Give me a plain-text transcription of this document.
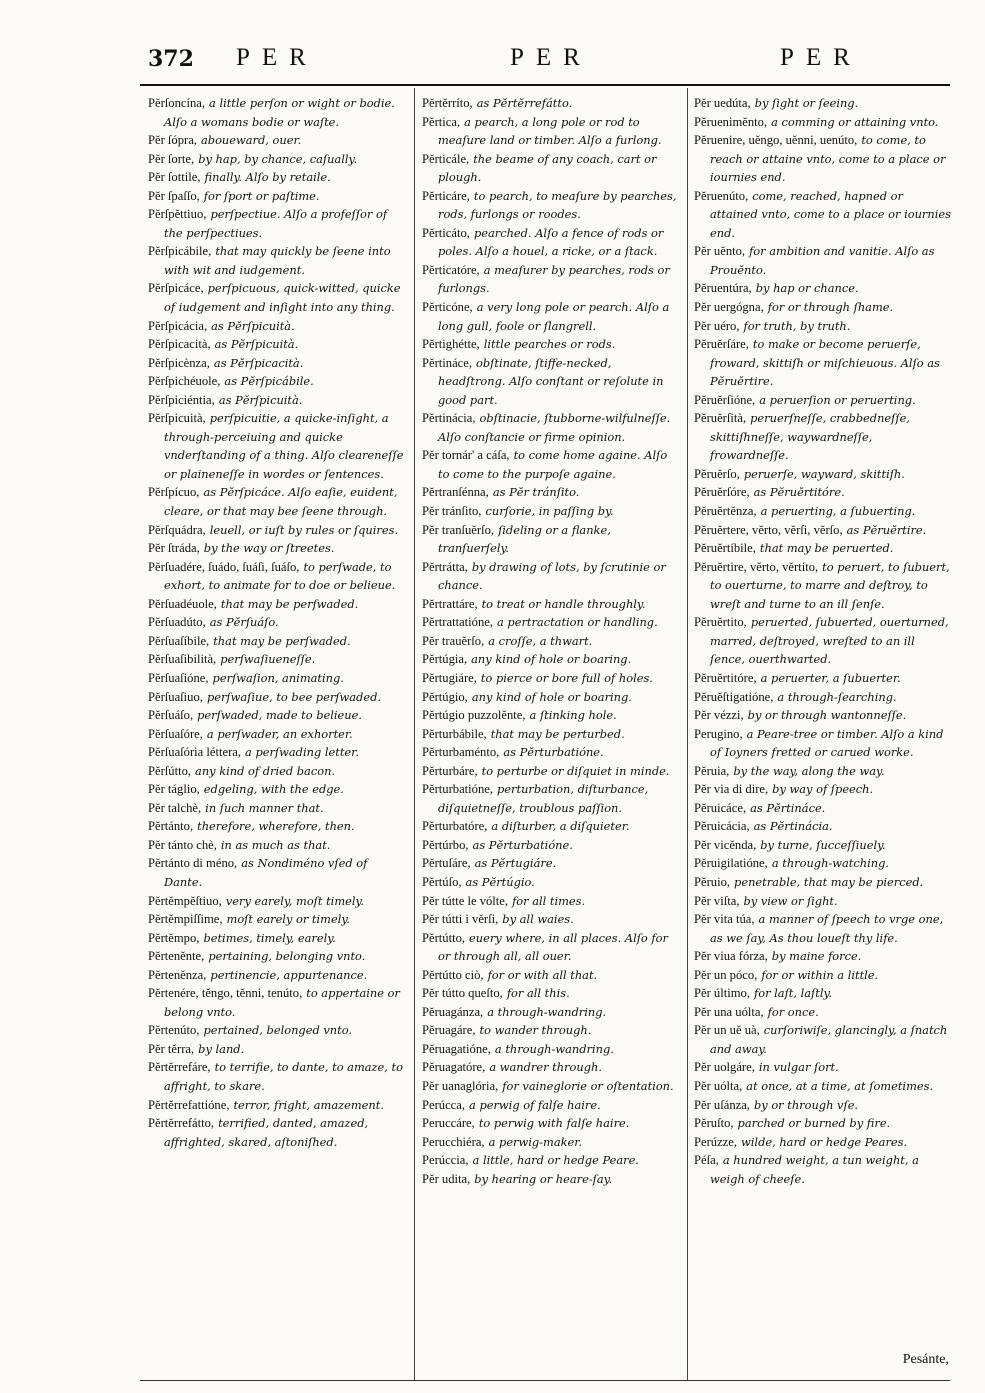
372 PER	PER	PER

Pĕrſoncína, a little perſon or wight or bodie. Alſo a womans bodie or waſte.

Pĕr ſópra, aboueward, ouer.

Pĕr ſorte, by hap, by chance, caſually.

Pĕr ſottile, finally. Alſo by retaile.

Pĕr ſpaſſo, for ſport or paſtime.

Pĕrſpĕttiuo, perſpectiue. Alſo a profeſſor of the perſpectiues.

Pĕrſpicábile, that may quickly be ſeene into with wit and iudgement.

Pĕrſpicáce, perſpicuous, quick-witted, quicke of iudgement and inſight into any thing.

Pĕrſpicácia, as Pĕrſpicuità.

Pĕrſpicacità, as Pĕrſpicuità.

Pĕrſpicènza, as Pĕrſpicacità.

Pĕrſpichéuole, as Pĕrſpicábile.

Pĕrſpiciéntia, as Pĕrſpicuità.

Pĕrſpicuità, perſpicuitie, a quicke-inſight, a through-perceiuing and quicke vnderſtanding of a thing. Alſo cleareneſſe or plaineneſſe in wordes or ſentences.

Pĕrſpícuo, as Pĕrſpicáce. Alſo eaſie, euident, cleare, or that may bee ſeene through.

Pĕrſquádra, leuell, or iuſt by rules or ſquires.

Pĕr ſtráda, by the way or ſtreetes.

Pĕrſuadére, ſuádo, ſuáſi, ſuáſo, to perſwade, to exhort, to animate for to doe or belieue.

Pĕrſuadéuole, that may be perſwaded.

Pĕrſuadúto, as Pĕrſuáſo.

Pĕrſuaſíbile, that may be perſwaded.

Pĕrſuaſibilità, perſwaſiueneſſe.

Pĕrſuaſióne, perſwaſion, animating.

Pĕrſuaſiuo, perſwaſiue, to bee perſwaded.

Pĕrſuáſo, perſwaded, made to belieue.

Pĕrſuaſóre, a perſwader, an exhorter.

Pĕrſuaſória léttera, a perſwading letter.

Pĕrſútto, any kind of dried bacon.

Pĕr táglio, edgeling, with the edge.

Pĕr talchè, in ſuch manner that.

Pĕrtánto, therefore, wherefore, then.

Pĕr tánto chè, in as much as that.

Pĕrtánto di méno, as Nondiméno vſed of Dante.

Pĕrtĕmpĕſtiuo, very earely, moſt timely.

Pĕrtĕmpiſſime, moſt earely or timely.

Pĕrtĕmpo, betimes, timely, earely.

Pĕrtenĕnte, pertaining, belonging vnto.

Pĕrtenĕnza, pertinencie, appurtenance.

Pĕrtenére, tĕngo, tĕnni, tenúto, to appertaine or belong vnto.

Pĕrtenúto, pertained, belonged vnto.

Pĕr tĕrra, by land.

Pĕrtĕrrefáre, to terrifie, to dante, to amaze, to affright, to skare.

Pĕrtĕrrefattióne, terror, fright, amazement.

Pĕrtĕrrefátto, terrified, danted, amazed, affrighted, skared, aſtoniſhed.

Pĕrtĕrríto, as Pĕrtĕrrefátto.

Pĕrtica, a pearch, a long pole or rod to meaſure land or timber. Alſo a furlong.

Pĕrticále, the beame of any coach, cart or plough.

Pĕrticáre, to pearch, to meaſure by pearches, rods, furlongs or roodes.

Pĕrticáto, pearched. Alſo a fence of rods or poles. Alſo a houel, a ricke, or a ſtack.

Pĕrticatóre, a meaſurer by pearches, rods or furlongs.

Pĕrticóne, a very long pole or pearch. Alſo a long gull, foole or ſlangrell.

Pĕrtighétte, little pearches or rods.

Pĕrtináce, obſtinate, ſtiffe-necked, headſtrong. Alſo conſtant or reſolute in good part.

Pĕrtinácia, obſtinacie, ſtubborne-wilfulneſſe. Alſo conſtancie or firme opinion.

Pĕr tornár' a cáſa, to come home againe. Alſo to come to the purpoſe againe.

Pĕrtranſénna, as Pĕr tránſito.

Pĕr tránſito, curſorie, in paſſing by.

Pĕr tranſuĕrſo, ſideling or a flanke, tranſuerſely.

Pĕrtrátta, by drawing of lots, by ſcrutinie or chance.

Pĕrtrattáre, to treat or handle throughly.

Pĕrtrattatióne, a pertractation or handling.

Pĕr trauĕrſo, a croſſe, a thwart.

Pĕrtúgia, any kind of hole or boaring.

Pĕrtugiáre, to pierce or bore full of holes.

Pĕrtúgio, any kind of hole or boaring.

Pĕrtúgio puzzolĕnte, a ſtinking hole.

Pĕrturbábile, that may be perturbed.

Pĕrturbaménto, as Pĕrturbatióne.

Pĕrturbáre, to perturbe or diſquiet in minde.

Pĕrturbatióne, perturbation, diſturbance, diſquietneſſe, troublous paſſion.

Pĕrturbatóre, a diſturber, a diſquieter.

Pĕrtúrbo, as Pĕrturbatióne.

Pĕrtuſáre, as Pĕrtugiáre.

Pĕrtúſo, as Pĕrtúgio.

Pĕr tútte le vólte, for all times.

Pĕr tútti i vĕrſi, by all waies.

Pĕrtútto, euery where, in all places. Alſo for or through all, all ouer.

Pĕrtútto ciò, for or with all that.

Pĕr tútto queſto, for all this.

Pĕruagánza, a through-wandring.

Pĕruagáre, to wander through.

Pĕruagatióne, a through-wandring.

Pĕruagatóre, a wandrer through.

Pĕr uanaglória, for vaineglorie or oſtentation.

Perúcca, a perwig of falſe haire.

Peruccáre, to perwig with falſe haire.

Perucchiéra, a perwig-maker.

Perúccia, a little, hard or hedge Peare.

Pĕr udita, by hearing or heare-ſay.

Pĕr uedúta, by ſight or ſeeing.

Pĕruenimĕnto, a comming or attaining vnto.

Pĕruenire, uĕngo, uĕnni, uenúto, to come, to reach or attaine vnto, come to a place or iournies end.

Pĕruenúto, come, reached, hapned or attained vnto, come to a place or iournies end.

Pĕr uĕnto, for ambition and vanitie. Alſo as Prouĕnto.

Pĕruentúra, by hap or chance.

Pĕr uergógna, for or through ſhame.

Pĕr uéro, for truth, by truth.

Pĕruĕrſáre, to make or become peruerſe, froward, skittiſh or miſchieuous. Alſo as Pĕruĕrtire.

Pĕruĕrſióne, a peruerſion or peruerting.

Pĕruĕrſità, peruerſneſſe, crabbedneſſe, skittiſhneſſe, waywardneſſe, frowardneſſe.

Pĕruĕrſo, peruerſe, wayward, skittiſh.

Pĕruĕrſóre, as Pĕruĕrtitóre.

Pĕruĕrtĕnza, a peruerting, a ſubuerting.

Pĕruĕrtere, vĕrto, vĕrſi, vĕrſo, as Pĕruĕrtire.

Pĕruĕrtíbile, that may be peruerted.

Pĕruĕrtire, vĕrto, vĕrtito, to peruert, to ſubuert, to ouerturne, to marre and deſtroy, to wreſt and turne to an ill ſenſe.

Pĕruĕrtito, peruerted, ſubuerted, ouerturned, marred, deſtroyed, wreſted to an ill ſence, ouerthwarted.

Pĕruĕrtitóre, a peruerter, a ſubuerter.

Pĕruĕſtigatióne, a through-ſearching.

Pĕr vézzi, by or through wantonneſſe.

Perugino, a Peare-tree or timber. Alſo a kind of Ioyners fretted or carued worke.

Pĕruia, by the way, along the way.

Pĕr via di dire, by way of ſpeech.

Pĕruicáce, as Pĕrtináce.

Pĕruicácia, as Pĕrtinácia.

Pĕr vicĕnda, by turne, ſucceſſiuely.

Pĕruigilatióne, a through-watching.

Pĕruio, penetrable, that may be pierced.

Pĕr viſta, by view or ſight.

Pĕr vita túa, a manner of ſpeech to vrge one, as we ſay, As thou loueſt thy life.

Pĕr viua fórza, by maine force.

Pĕr un póco, for or within a little.

Pĕr último, for laſt, laſtly.

Pĕr una uólta, for once.

Pĕr un uĕ uà, curſoriwiſe, glancingly, a ſnatch and away.

Pĕr uolgáre, in vulgar ſort.

Pĕr uólta, at once, at a time, at ſometimes.

Pĕr uſánza, by or through vſe.

Pĕruſto, parched or burned by fire.

Perúzze, wilde, hard or hedge Peares.

Péſa, a hundred weight, a tun weight, a weigh of cheeſe.

Pesánte,
